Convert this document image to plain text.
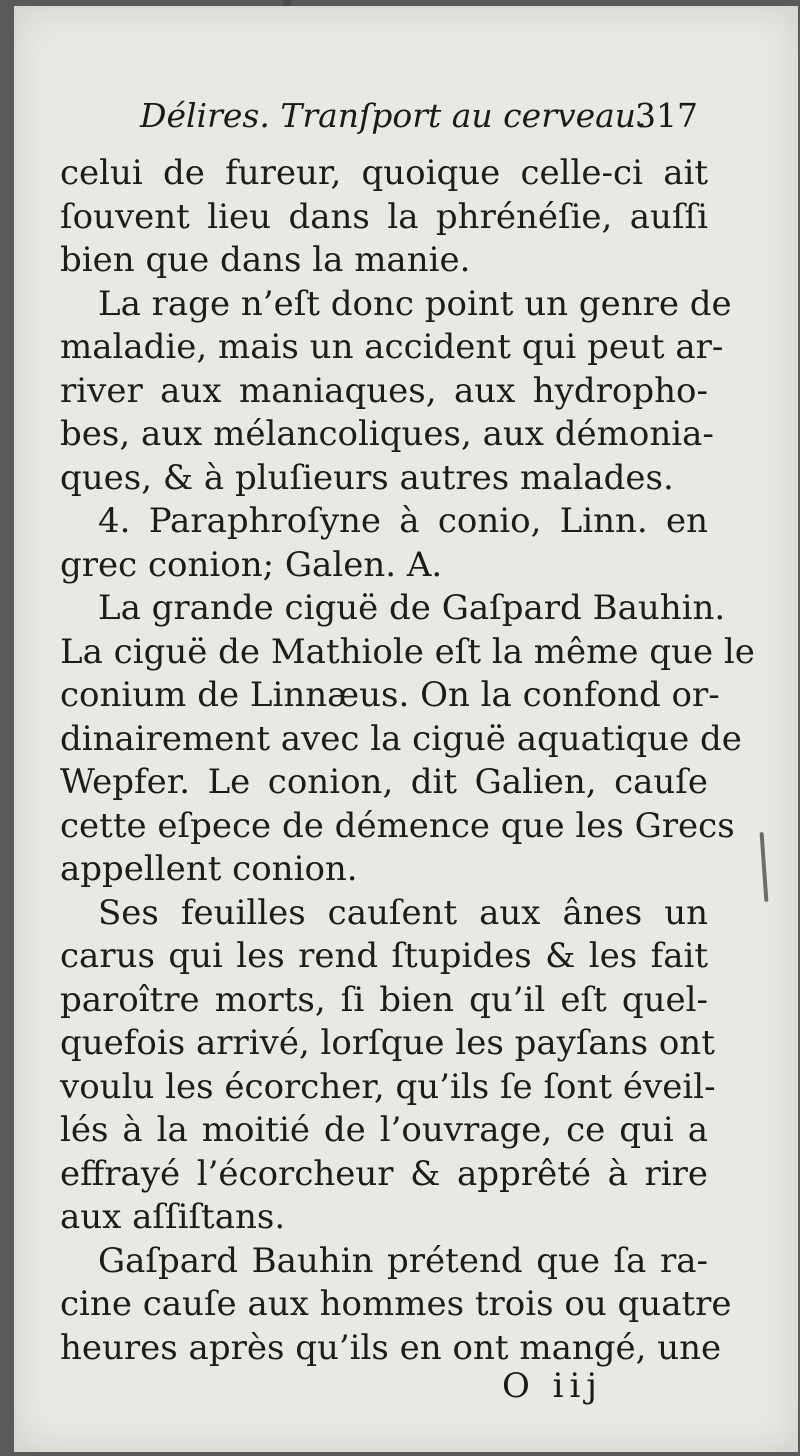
Délires. Tranſport au cerveau.
317
celui de fureur, quoique celle-ci ait
ſouvent lieu dans la phrénéſie, auſſi
bien que dans la manie.
La rage n’eſt donc point un genre de
maladie, mais un accident qui peut ar-
river aux maniaques, aux hydropho-
bes, aux mélancoliques, aux démonia-
ques, & à pluſieurs autres malades.
4. Paraphroſyne à conio, Linn. en
grec conion; Galen. A.
La grande ciguë de Gaſpard Bauhin.
La ciguë de Mathiole eſt la même que le
conium de Linnæus. On la confond or-
dinairement avec la ciguë aquatique de
Wepfer. Le conion, dit Galien, cauſe
cette eſpece de démence que les Grecs
appellent conion.
Ses feuilles cauſent aux ânes un
carus qui les rend ſtupides & les fait
paroître morts, ſi bien qu’il eſt quel-
quefois arrivé, lorſque les payſans ont
voulu les écorcher, qu’ils ſe ſont éveil-
lés à la moitié de l’ouvrage, ce qui a
effrayé l’écorcheur & apprêté à rire
aux aſſiſtans.
Gaſpard Bauhin prétend que ſa ra-
cine cauſe aux hommes trois ou quatre
heures après qu’ils en ont mangé, une
O iij
